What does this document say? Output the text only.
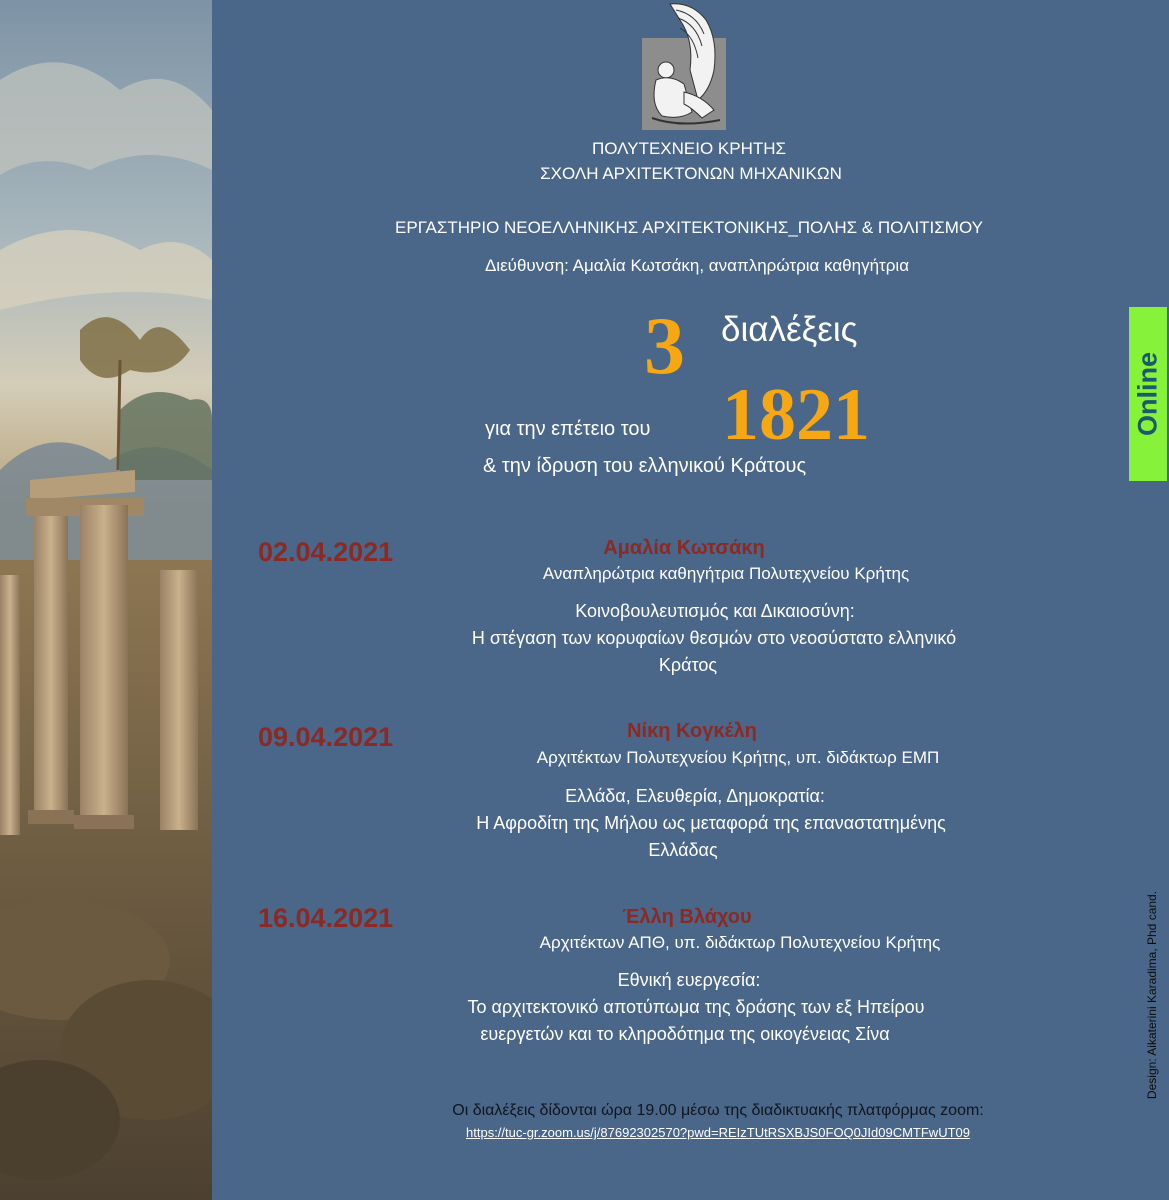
ΠΟΛΥΤΕΧΝΕΙΟ ΚΡΗΤΗΣ
ΣΧΟΛΗ ΑΡΧΙΤΕΚΤΟΝΩΝ ΜΗΧΑΝΙΚΩΝ
ΕΡΓΑΣΤΗΡΙΟ ΝΕΟΕΛΛΗΝΙΚΗΣ ΑΡΧΙΤΕΚΤΟΝΙΚΗΣ_ΠΟΛΗΣ & ΠΟΛΙΤΙΣΜΟΥ
Διεύθυνση: Αμαλία Κωτσάκη, αναπληρώτρια καθηγήτρια
3 διαλέξεις
για την επέτειο του 1821
& την ίδρυση του ελληνικού Κράτους
Online
02.04.2021	Αμαλία Κωτσάκη
Αναπληρώτρια καθηγήτρια Πολυτεχνείου Κρήτης
Κοινοβουλευτισμός και Δικαιοσύνη:
Η στέγαση των κορυφαίων θεσμών στο νεοσύστατο ελληνικό
Κράτος
09.04.2021	Νίκη Κογκέλη
Αρχιτέκτων Πολυτεχνείου Κρήτης, υπ. διδάκτωρ ΕΜΠ
Ελλάδα, Ελευθερία, Δημοκρατία:
Η Αφροδίτη της Μήλου ως μεταφορά της επαναστατημένης
Ελλάδας
16.04.2021	Έλλη Βλάχου
Αρχιτέκτων ΑΠΘ, υπ. διδάκτωρ Πολυτεχνείου Κρήτης
Εθνική ευεργεσία:
Το αρχιτεκτονικό αποτύπωμα της δράσης των εξ Ηπείρου
ευεργετών και το κληροδότημα της οικογένειας Σίνα
Οι διαλέξεις δίδονται ώρα 19.00 μέσω της διαδικτυακής πλατφόρμας zoom:
https://tuc-gr.zoom.us/j/87692302570?pwd=REIzTUtRSXBJS0FOQ0JId09CMTFwUT09
Design: Aikaterini Karadima, Phd cand.
